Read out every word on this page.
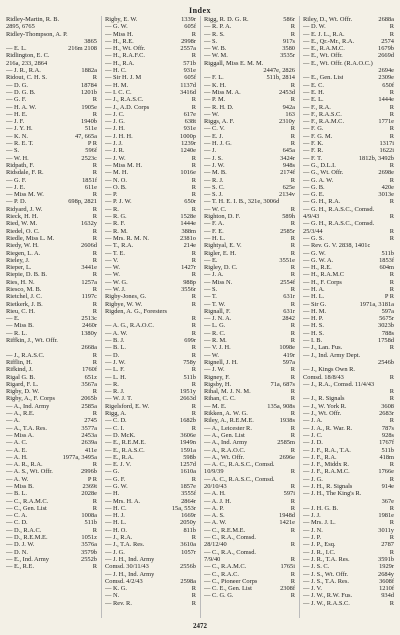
Index
Ridley-Martin, R. B.
2895, 6765
Ridley-Thompson, A. P.
3865
— E. L.	216m 2108
Ridlington, E. C.
216a, 233, 2864
— J. R., R.A.	1882a
Ridout, C. H. S.	R
— D. G.	18784
— D. G. B.	1201b
— G. F.	R
— H. A. W.	1905e
— H. E.	R
— J. F.	1940b
— J. Y. H.	511e
— K. N.	47, 665a
— R. E. T.	P R
— S.	596f
— W. H.	2523c
Ridpath, F.	R
Ridsdale, F. R.	R
— G. F.	1851f
— J. E.	611e
— Miss M. W.	R
— P. D.	698p, 2821
Ridyard, J. W.	R
Rieck, H. H.	R
Ried, W. M.	1632y
Riedel, O. C.	R
Riedle, Miss L. M.	R
Riedy, W. H.	2606d
Riegen, L. A.	R
Rieley, J.	R
Rieper, L.	3441e
Riepie, D. B. B.	R
Ries, H. N.	1257a
Riesco, M. B.	R
Rietchel, J. C.	1197c
Rietkerk, J. B.	R
Rieu, C. H.	R
— E.	2513c
— Miss B.	2460r
— R. L.	1380y
Riffkin, J., Wt. Offr.
2668a
— J., R.A.S.C.	R
Rifflin, H.	R
Rifkind, J.	1760f
Rigal G. B.	651z
Rigard, F. L.	3567a
Rigby, D. W.	R
Rigby, A., F. Corps	2065b
— A., Ind. Army	2585a
— A., R.E.	R
— A.	2745
— A., T.A. Res.	3577a
— Miss A.	2453a
— A. C.	2639a
— A. E.	411e
— A. H.	1977a, 3495a
— A. R., R.A.	R
— A. S., Wt. Offr.	2996b
— A. W.	P R
— Miss B.	2369t
— B. L.	2028e
— C., R.A.M.C.	R
— C., Gen. List	R
— C. A.	1008a
— C. D.	511b
— D., R.A.C.	R
— D., R.E.M.E.	1051z
— D. J. W.	3576a
— D. N.	3579b
— E., Ind. Army	2552b
— E., R.E.	R
Rigby, E. W.	1339r
— G. W.	605f
— Miss H.	R
— H., R.E.	2998r
— H., Wt. Offr.	2557a
— H., R.A.F.C.	R
— H., R.A.	571b
— H. C.	931e
— Sir H. J. M	605f
— H. M.	1137d
— I. C. C.	3416d
— J., R.A.S.C.	R
— J., A.D. Corps	R
— J. C.	617e
— J. G.	638t
— J. H.	931e
— J. H. H.	1000p
— J. J.	1239r
— J. R.	1240e
— J. W.	R
— Miss M. H.	R
— M. H.	1016e
— N. O.	R
— O. B.	R
— P.	R
— P. J. W.	650r
— R.	R
— R. G.	1528e
— R. F.	1444e
— R. M.	388m
— Mrs. R. M. N.	2381o
— T., R.A.	214e
— T. E.	R
— V.	R
— W.	1427r
— W.	R
— W. G.	988p
— W. J.	3556r
Rigby-Jones, G.	R
Rigbye, W. W.	R
Rigden, A. G., Foresters
R
— A. G., R.A.O.C.	R
— A. W.	R
— B. J.	699r
— B. L.	R
— D.	R
— J. W.	758y
— L. F.	R
— L. H.	511b
— R.	R
— R. J.	1951y
— W. J. T.	2663d
Rigelsford, E. W.	R
Rigg, A.	R
— C. D.	1682b
— C. I.	R
— D. McK.	3606e
— E., R.E.M.E.	1949n
— E., R.A.S.C.	1591a
— E., R.A.	598b
— E. J. V.	1257d
— G.	1610a
— G. F.	R
— G. W.	1857e
— H.	3555f
— Mrs. H. A.	2864r
— H. C.	15a, 553r
— H. J.	1669r
— H. L.	2050y
— H. O.	811b
— J., R.A.	R
— J., T.A. Res.	3610a
— J. G.	1057r
— J. H., Ind. Army
Comsd. 30/11/43	2556b
— J. H., Ind. Army
Comsd. 4/2/43	2598a
— K. G.	R
— N.	R
— Rev. R.	R
Rigg, R. D. G. R.	586r
— R. P. A.	R
— R. S.	R
— S.	917s
— W. B.	3580
— W. M.	3535r
Riggall, Miss E. M. M.
2447e, 2826
— F. L.	511b, 2814
— K. H.	R
— Miss M. A.	2453d
— P. M.	R
— R. H. D.	942a
— W.	163
Riggs, A. F.	2310y
— C. V.	R
— E. J.	R
— H. J. G.	R
— J.	645a
— J. S.	3424r
— J. W.	948s
— M. B.	2174f
— R. J.	R
— S. C.	625e
— S. J.	2134v
— T. H. E. I. B., 321e, 3006d
— W. C.	R
Righton, D. F.	589h
— F. A.	R
— F. E.	2585r
— H. L.	R
Rightyal, E. V.	R
Rigler, E. H.	R
— E.	3551e
Rigley, D. C.	R
— J. A.	R
— Miss N.	2554f
— S.	R
— T.	631r
— T. W.	R
Rignall, F.	631r
— J. N. A.	2842
— L. G.	R
— R. C.	R
— R. M.	R
— V. J. H.	1098e
— W.	419r
Rignell, J. H.	597a
— J. W.	R
Rigney, F.	R
Rigsby, H.	71a, 687s
Rihal, M. J. N. M.	R
Rihan, C. C.	R
— M. E.	135a, 908s
Rikken, A. W. G.	R
Riley, A., R.E.M.E.	1938s
— A., Leicester R.	R
— A., Gen. List	R
— A., Ind. Army	2585m
— A., R.A.O.C.	R
— A., Wt. Offr.	2696e
— A. C., R.A.S.C., Comsd.
10/9/39	R
— A. C., R.A.S.C., Comsd.
20/10/43	R
— A. H.	597i
— A. J. H.	R
— A. P.	R
— A. S.	1948d
— A. W.	1421e
— C., R.E.M.E.	R
— C., R.A., Comsd.
28/12/40	R
— C., R.A., Comsd.
7/9/40	R
— C., R.A.M.C.	1765i
— C., R.A.C.	R
— C., Pioneer Corps	R
— C. E., Gen. List	2308f
— C. G. G.	R
Riley, D., Wt. Offr.	2688a
— D. W.	R
— E. J. L., R.A.	R
— E., Qr.-Mr., R.A.	2574
— E., R.A.M.C.	1679b
— E., Wt. Offr.	2669d
— E., Wt. Offr. (R.A.O.C.)
2694e
— E., Gen. List	2309e
— E. C.	650f
— E. H.	R
— E. L.	1444e
— F., R.A.	R
— F., R.A.S.C.	R
— F., R.A.M.C.	1771e
— F. G.	R
— F. G. M.	R
— F. K.	1317i
— F. R.	1622i
— F. T.	1812b, 3492b
— G., D.L.I.	R
— G., Wt. Offr.	2698e
— G. A. W.	R
— G. B.	420e
— G. E.	3013e
— G. H., R.A.	R
— G. H., R.A.S.C., Comsd.
4/9/43	R
— G. H., R.A.S.C., Comsd.
25/3/44	R
— G. S.	R
— Rev. G. V. 2838, 1401c
— G. W.	511b
— G. W. A.	1853f
— H., R.E.	604m
— H., R.A.M.C	R
— H., F. Corps	R
— H. A.	R
— H. L.	P R
— Sir G.	1971a, 3181a
— H. M.	597a
— H. P.	5675r
— H. S.	3023b
— H. S.	788s
— I. B.	1758d
— J., Lan. Fus.	R
— J., Ind. Army Dept.
2546b
— J., Kings Own R.
Comsd. 18/8/43	R
— J., R.A., Comsd. 11/4/43
R
— J., R. Signals	R
— J., W. York R.	3608
— J., Wt. Offr.	2683r
— J. A.	R
— J. A., R. War. R.	787s
— J. C.	928s
— J. D.	1767f
— J. F., R.A., T.A.	511b
— J. F., R.A.	418m
— J. F., Middx R.	R
— J. F., R.A.M.C.	1766e
— J. G.	R
— J. H., R. Signals	914e
— J. H., The King's R.
367e
— J. H. G. B.	R
— J. J.	1981e
— Mrs. J. L.	R
— J. N.	3011y
— J. P.	R
— J. P., Esq.	2787
— J. R., I.C.	R
— J. R., T.A. Res.	3591b
— J. S. C.	1929r
— J. S., Wt. Offr.	2684y
— J. S., T.A. Res.	3608f
— J. V.	1210f
— J. W., R.W. Fus.	934d
— J. W., R.A.S.C.	R
2472
